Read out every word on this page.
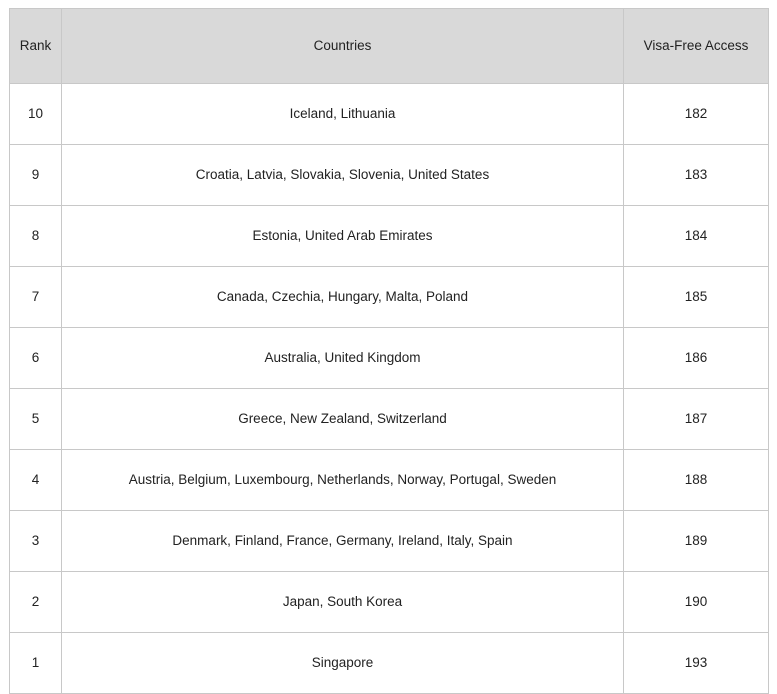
Rank	Countries	Visa-Free Access
10	Iceland, Lithuania	182
9	Croatia, Latvia, Slovakia, Slovenia, United States	183
8	Estonia, United Arab Emirates	184
7	Canada, Czechia, Hungary, Malta, Poland	185
6	Australia, United Kingdom	186
5	Greece, New Zealand, Switzerland	187
4	Austria, Belgium, Luxembourg, Netherlands, Norway, Portugal, Sweden	188
3	Denmark, Finland, France, Germany, Ireland, Italy, Spain	189
2	Japan, South Korea	190
1	Singapore	193
